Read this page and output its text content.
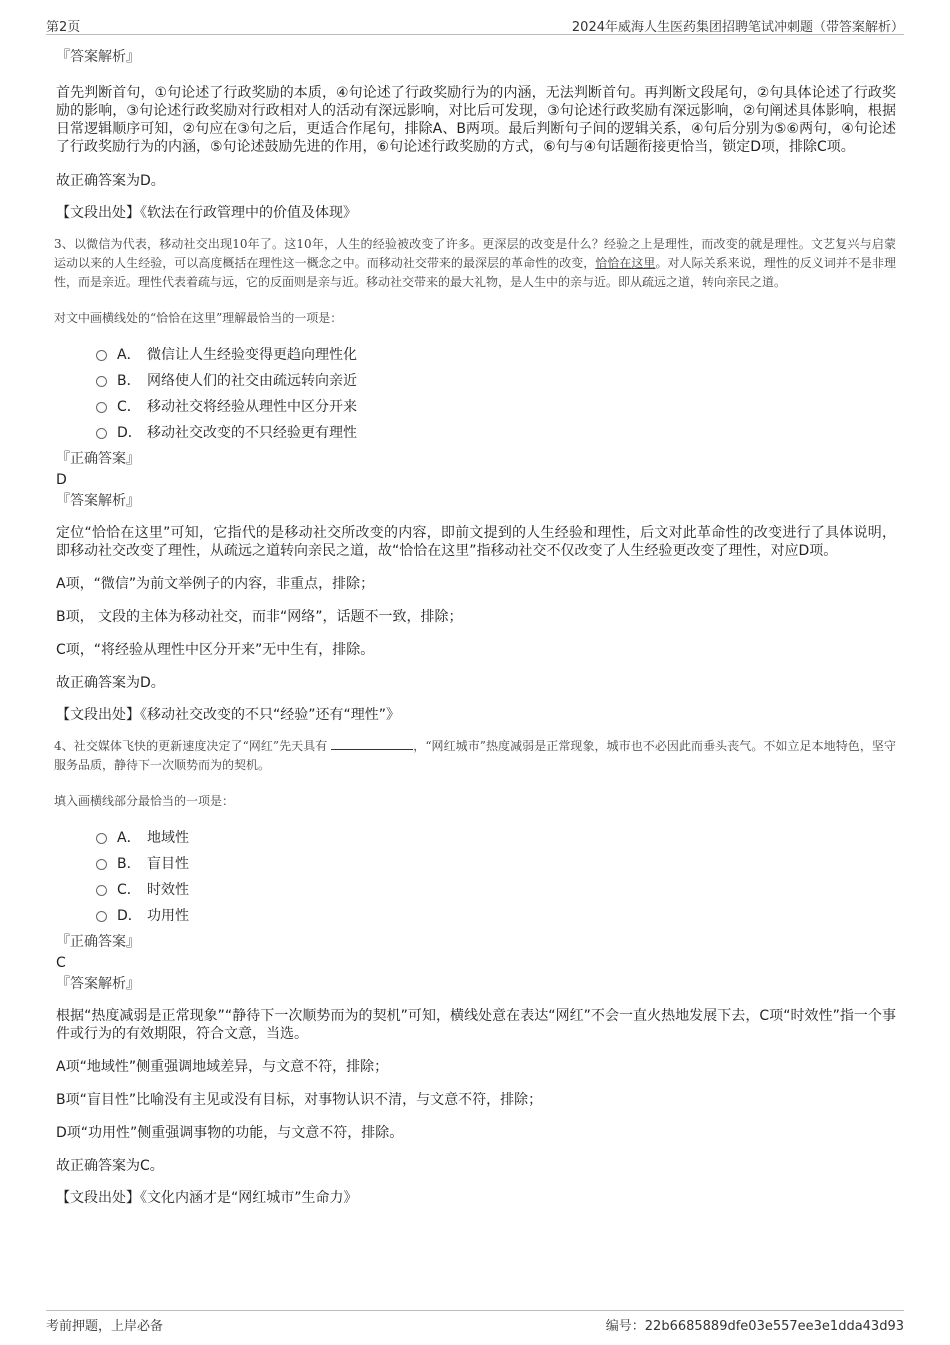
第2页	2024年威海人生医药集团招聘笔试冲刺题（带答案解析）
『答案解析』

首先判断首句，①句论述了行政奖励的本质，④句论述了行政奖励行为的内涵，无法判断首句。再判断文段尾句，②句具体论述了行政奖励的影响，③句论述行政奖励对行政相对人的活动有深远影响，对比后可发现，③句论述行政奖励有深远影响，②句阐述具体影响，根据日常逻辑顺序可知，②句应在③句之后，更适合作尾句，排除A、B两项。最后判断句子间的逻辑关系，④句后分别为⑤⑥两句，④句论述了行政奖励行为的内涵，⑤句论述鼓励先进的作用，⑥句论述行政奖励的方式，⑥句与④句话题衔接更恰当，锁定D项，排除C项。

故正确答案为D。

【文段出处】《软法在行政管理中的价值及体现》

3、以微信为代表，移动社交出现10年了。这10年，人生的经验被改变了许多。更深层的改变是什么？经验之上是理性，而改变的就是理性。文艺复兴与启蒙运动以来的人生经验，可以高度概括在理性这一概念之中。而移动社交带来的最深层的革命性的改变，恰恰在这里。对人际关系来说，理性的反义词并不是非理性，而是亲近。理性代表着疏与远，它的反面则是亲与近。移动社交带来的最大礼物，是人生中的亲与近。即从疏远之道，转向亲民之道。

对文中画横线处的“恰恰在这里”理解最恰当的一项是：
A． 微信让人生经验变得更趋向理性化
B． 网络使人们的社交由疏远转向亲近
C． 移动社交将经验从理性中区分开来
D． 移动社交改变的不只经验更有理性
『正确答案』
D
『答案解析』

定位“恰恰在这里”可知，它指代的是移动社交所改变的内容，即前文提到的人生经验和理性，后文对此革命性的改变进行了具体说明，即移动社交改变了理性，从疏远之道转向亲民之道，故“恰恰在这里”指移动社交不仅改变了人生经验更改变了理性，对应D项。

A项，“微信”为前文举例子的内容，非重点，排除；

B项， 文段的主体为移动社交，而非“网络”，话题不一致，排除；

C项，“将经验从理性中区分开来”无中生有，排除。

故正确答案为D。

【文段出处】《移动社交改变的不只“经验”还有“理性”》

4、社交媒体飞快的更新速度决定了“网红”先天具有	，“网红城市”热度减弱是正常现象，城市也不必因此而垂头丧气。不如立足本地特色，坚守服务品质，静待下一次顺势而为的契机。

填入画横线部分最恰当的一项是：
A． 地域性
B． 盲目性
C． 时效性
D． 功用性
『正确答案』
C
『答案解析』

根据“热度减弱是正常现象”“静待下一次顺势而为的契机”可知，横线处意在表达“网红”不会一直火热地发展下去，C项“时效性”指一个事件或行为的有效期限，符合文意，当选。

A项“地域性”侧重强调地域差异，与文意不符，排除；

B项“盲目性”比喻没有主见或没有目标，对事物认识不清，与文意不符，排除；

D项“功用性”侧重强调事物的功能，与文意不符，排除。

故正确答案为C。

【文段出处】《文化内涵才是“网红城市”生命力》
考前押题，上岸必备	编号：22b6685889dfe03e557ee3e1dda43d93
